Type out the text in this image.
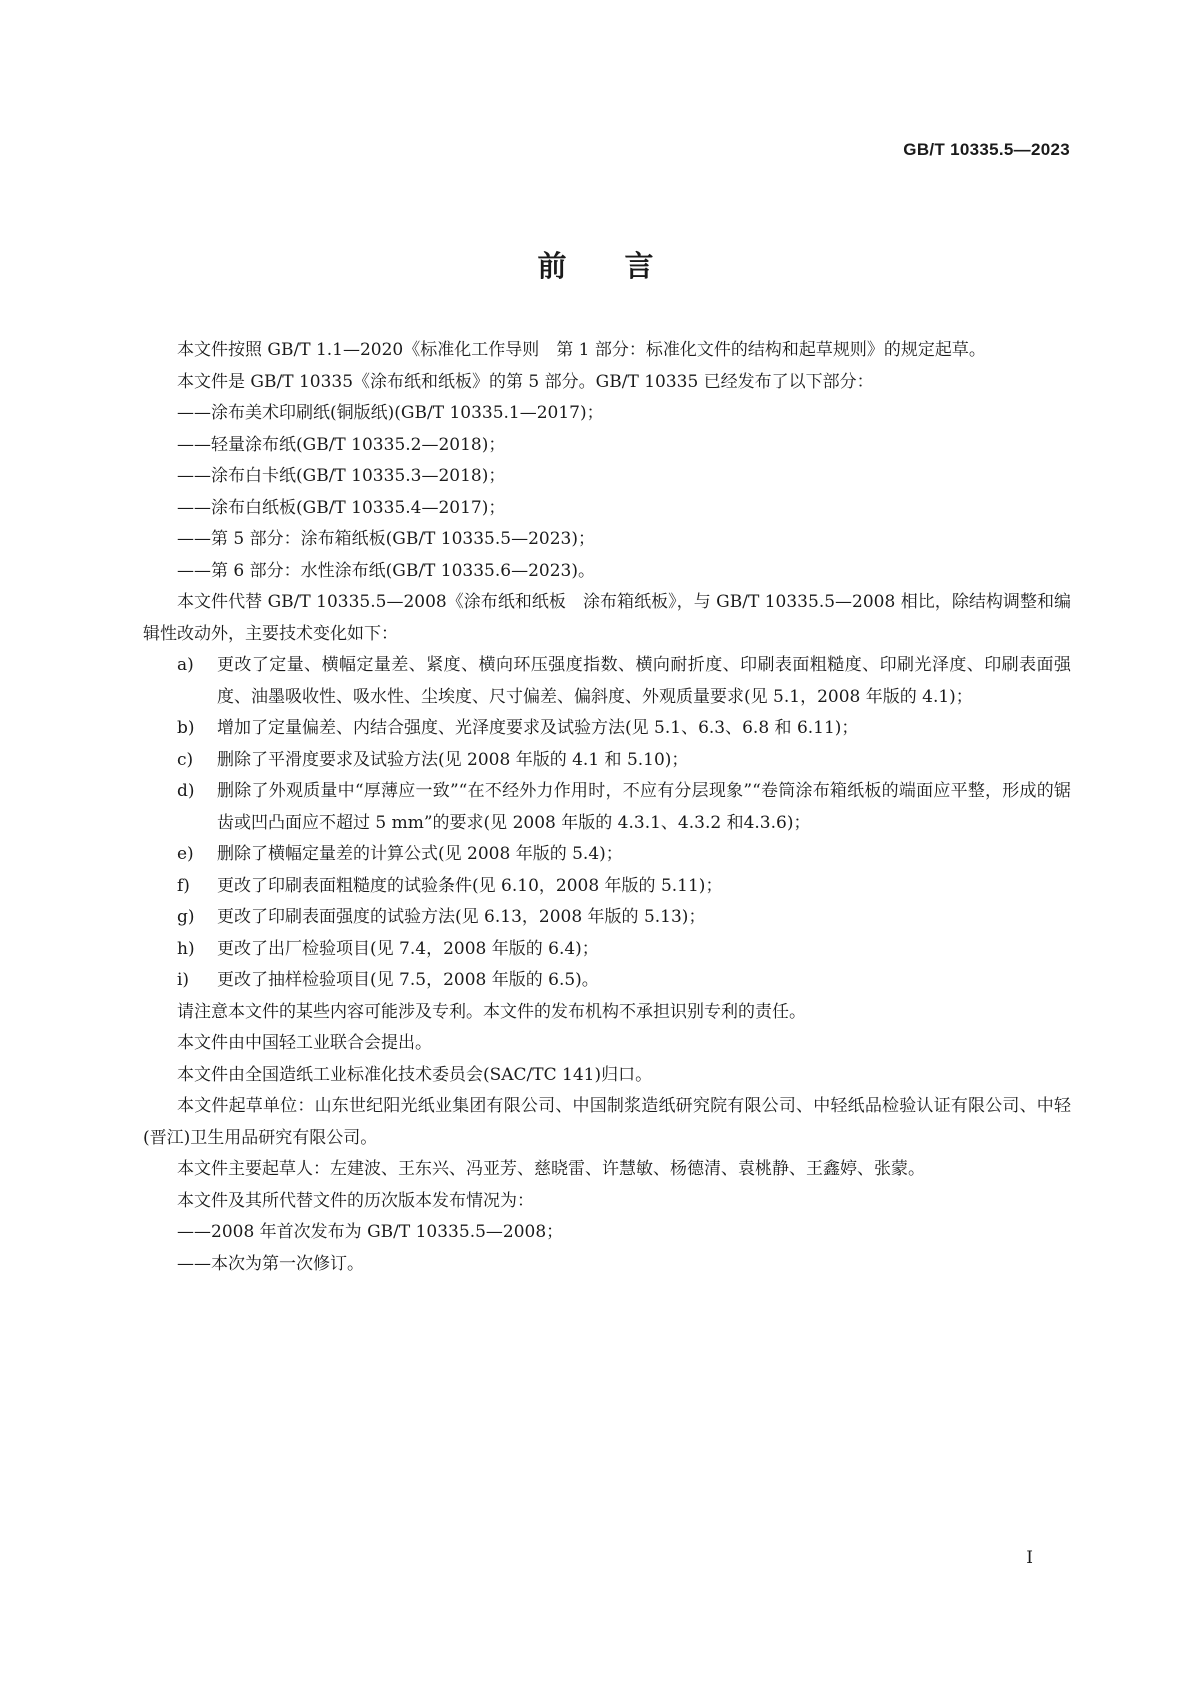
GB/T 10335.5—2023
前言

本文件按照 GB/T 1.1—2020《标准化工作导则　第 1 部分：标准化文件的结构和起草规则》的规定起草。

本文件是 GB/T 10335《涂布纸和纸板》的第 5 部分。GB/T 10335 已经发布了以下部分：

——涂布美术印刷纸(铜版纸)(GB/T 10335.1—2017)；
——轻量涂布纸(GB/T 10335.2—2018)；
——涂布白卡纸(GB/T 10335.3—2018)；
——涂布白纸板(GB/T 10335.4—2017)；
——第 5 部分：涂布箱纸板(GB/T 10335.5—2023)；
——第 6 部分：水性涂布纸(GB/T 10335.6—2023)。

本文件代替 GB/T 10335.5—2008《涂布纸和纸板　涂布箱纸板》，与 GB/T 10335.5—2008 相比，除结构调整和编辑性改动外，主要技术变化如下：

a)	更改了定量、横幅定量差、紧度、横向环压强度指数、横向耐折度、印刷表面粗糙度、印刷光泽度、印刷表面强度、油墨吸收性、吸水性、尘埃度、尺寸偏差、偏斜度、外观质量要求(见 5.1，2008 年版的 4.1)；
b)	增加了定量偏差、内结合强度、光泽度要求及试验方法(见 5.1、6.3、6.8 和 6.11)；
c)	删除了平滑度要求及试验方法(见 2008 年版的 4.1 和 5.10)；
d)	删除了外观质量中“厚薄应一致”“在不经外力作用时，不应有分层现象”“卷筒涂布箱纸板的端面应平整，形成的锯齿或凹凸面应不超过 5 mm”的要求(见 2008 年版的 4.3.1、4.3.2 和4.3.6)；
e)	删除了横幅定量差的计算公式(见 2008 年版的 5.4)；
f)	更改了印刷表面粗糙度的试验条件(见 6.10，2008 年版的 5.11)；
g)	更改了印刷表面强度的试验方法(见 6.13，2008 年版的 5.13)；
h)	更改了出厂检验项目(见 7.4，2008 年版的 6.4)；
i)	更改了抽样检验项目(见 7.5，2008 年版的 6.5)。

请注意本文件的某些内容可能涉及专利。本文件的发布机构不承担识别专利的责任。

本文件由中国轻工业联合会提出。

本文件由全国造纸工业标准化技术委员会(SAC/TC 141)归口。

本文件起草单位：山东世纪阳光纸业集团有限公司、中国制浆造纸研究院有限公司、中轻纸品检验认证有限公司、中轻(晋江)卫生用品研究有限公司。

本文件主要起草人：左建波、王东兴、冯亚芳、慈晓雷、许慧敏、杨德清、袁桃静、王鑫婷、张蒙。

本文件及其所代替文件的历次版本发布情况为：

——2008 年首次发布为 GB/T 10335.5—2008；
——本次为第一次修订。
I
